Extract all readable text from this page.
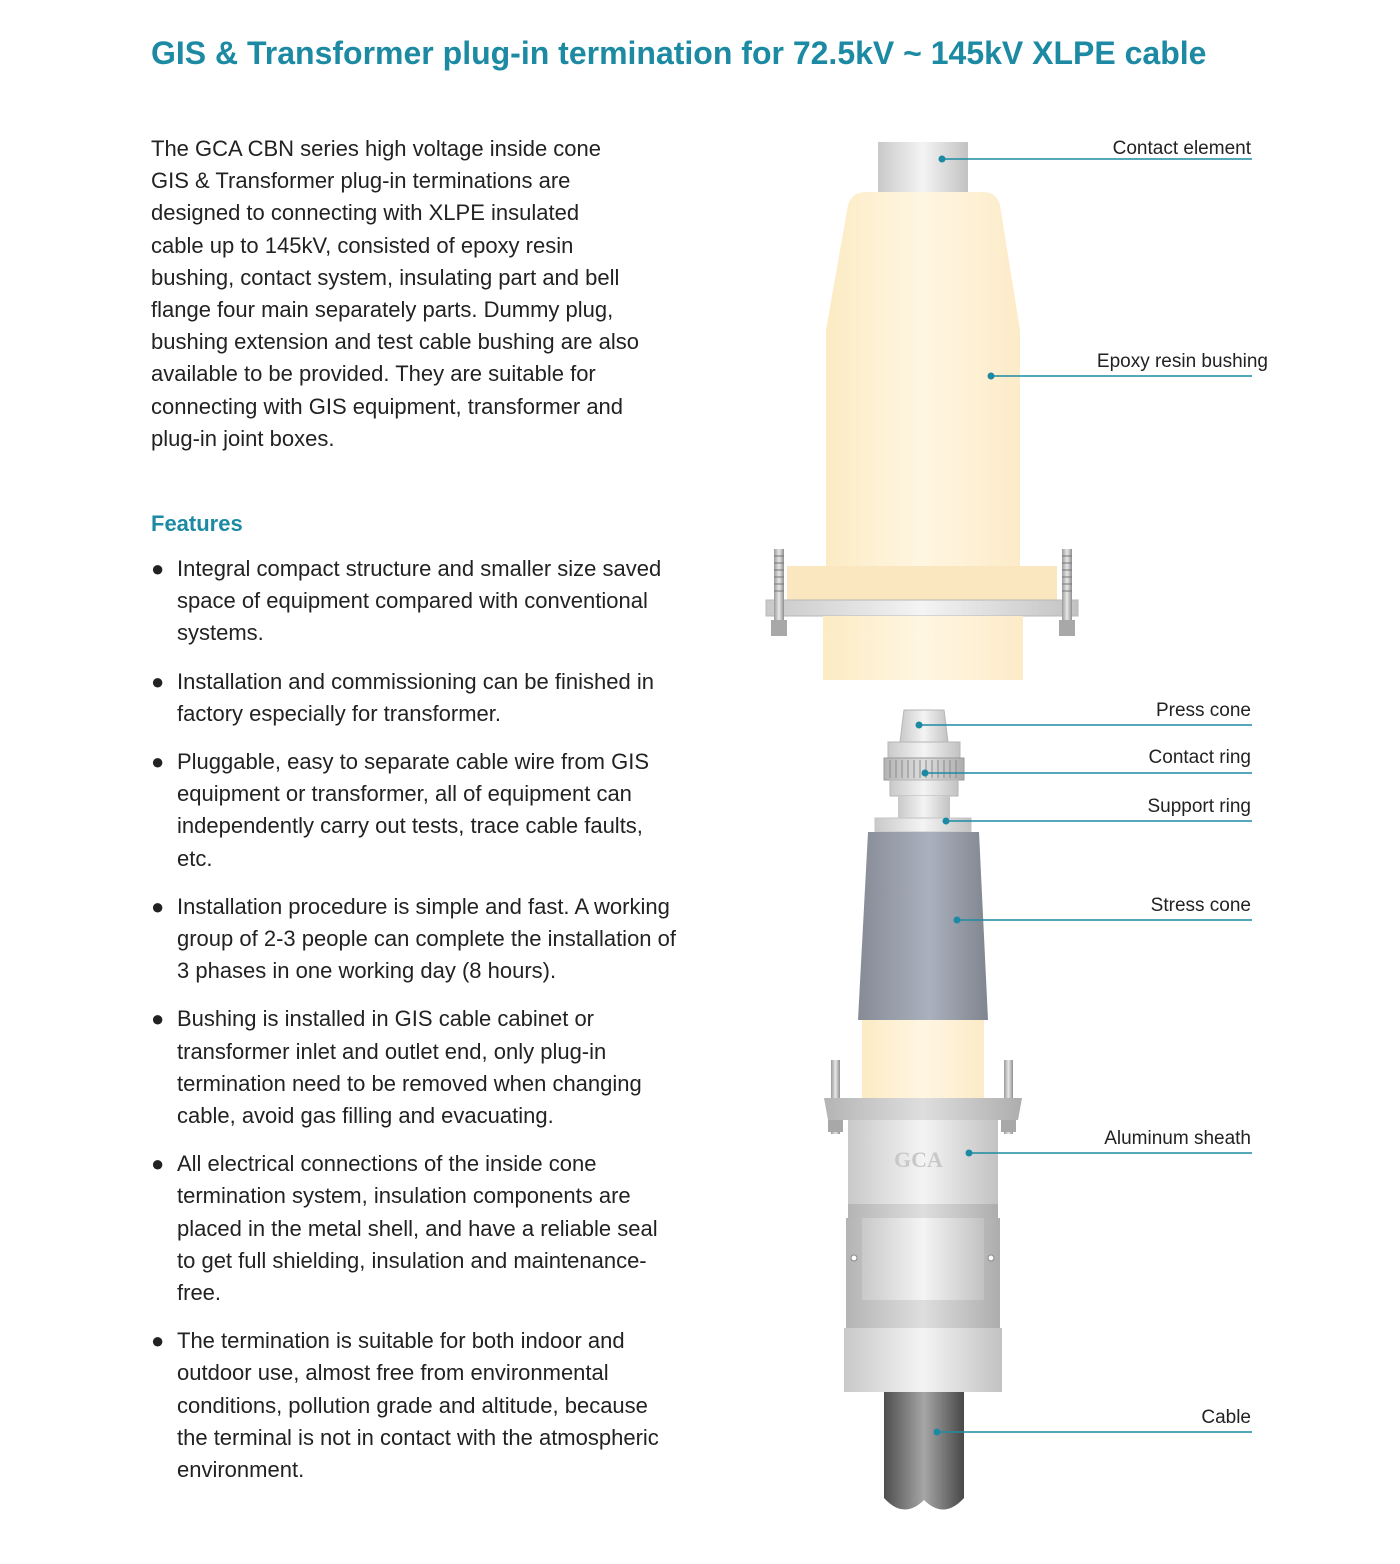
GIS & Transformer plug-in termination for 72.5kV ~ 145kV XLPE cable

The GCA CBN series high voltage inside cone
GIS & Transformer plug-in terminations are
designed to connecting with XLPE insulated
cable up to 145kV, consisted of epoxy resin
bushing, contact system, insulating part and bell
flange four main separately parts. Dummy plug,
bushing extension and test cable bushing are also
available to be provided. They are suitable for
connecting with GIS equipment, transformer and
plug-in joint boxes.

Features
● Integral compact structure and smaller size saved space of equipment compared with conventional systems.
● Installation and commissioning can be finished in factory especially for transformer.
● Pluggable, easy to separate cable wire from GIS equipment or transformer, all of equipment can independently carry out tests, trace cable faults, etc.
● Installation procedure is simple and fast. A working group of 2-3 people can complete the installation of 3 phases in one working day (8 hours).
● Bushing is installed in GIS cable cabinet or transformer inlet and outlet end, only plug-in termination need to be removed when changing cable, avoid gas filling and evacuating.
● All electrical connections of the inside cone termination system, insulation components are placed in the metal shell, and have a reliable seal to get full shielding, insulation and maintenance-free.
● The termination is suitable for both indoor and outdoor use, almost free from environmental conditions, pollution grade and altitude, because the terminal is not in contact with the atmospheric environment.
GCA
Contact element
Epoxy resin bushing
Press cone
Contact ring
Support ring
Stress cone
Aluminum sheath
Cable
